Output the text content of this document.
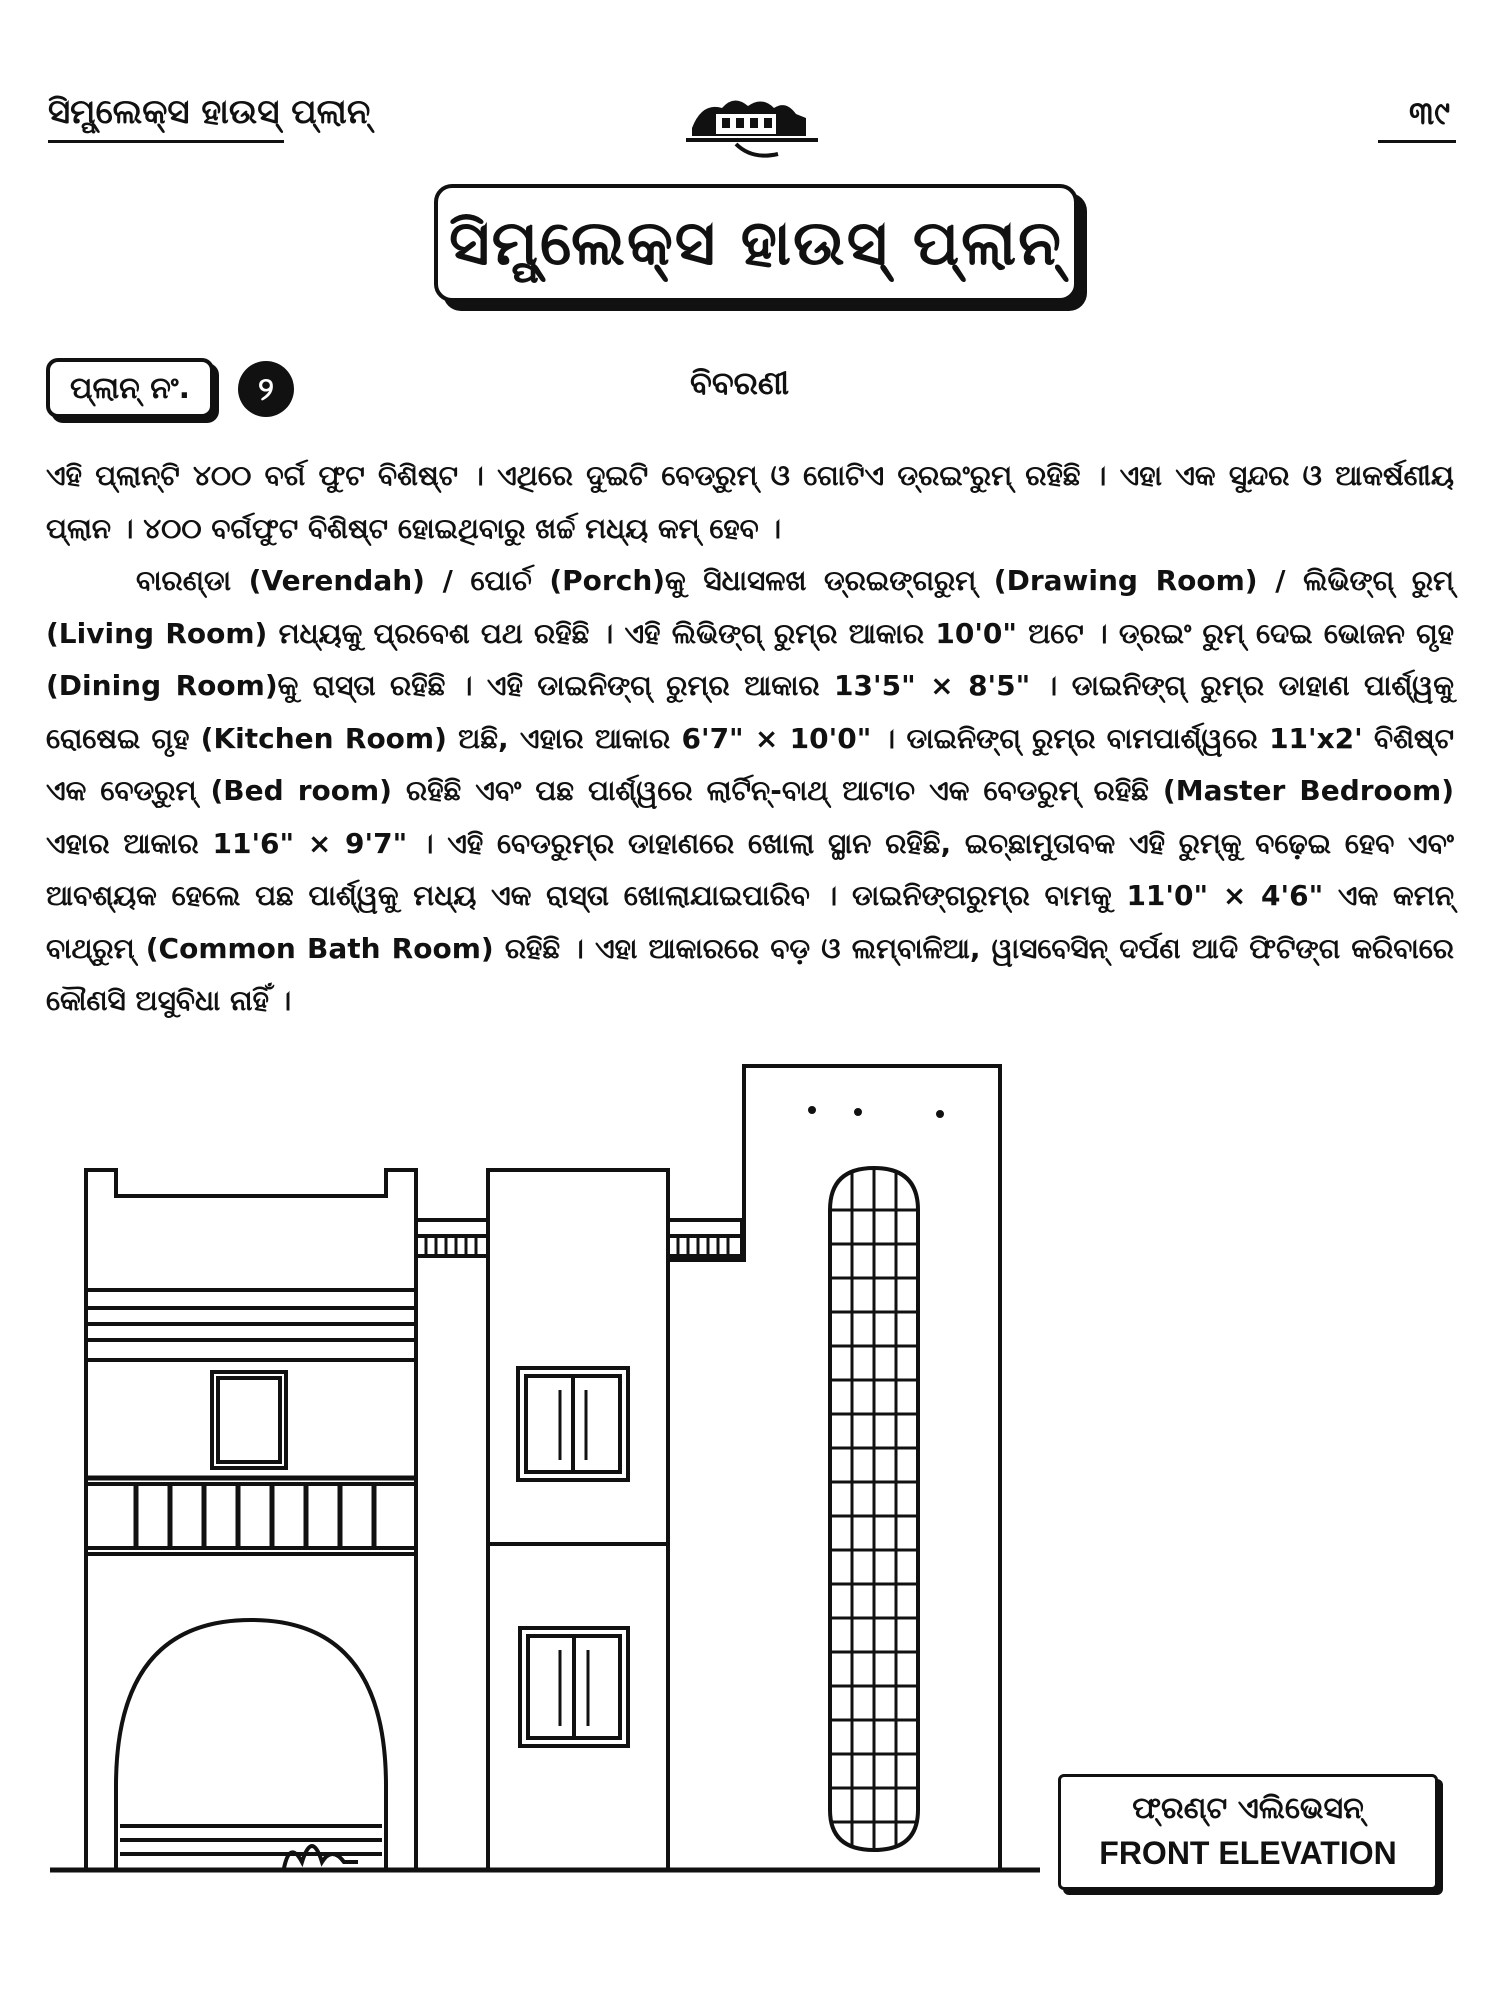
ସିମ୍ପ୍ଲେକ୍ସ ହାଉସ୍ ପ୍ଲାନ୍	୩୯
ସିମ୍ପ୍ଲେକ୍ସ ହାଉସ୍ ପ୍ଲାନ୍
ପ୍ଲାନ୍ ନଂ.	୨	ବିବରଣୀ

ଏହି ପ୍ଲାନ୍‌ଟି ୪୦୦ ବର୍ଗ ଫୁଟ ବିଶିଷ୍ଟ । ଏଥିରେ ଦୁଇଟି ବେଡ୍‌ରୁମ୍ ଓ ଗୋଟିଏ ଡ୍ରଇଂରୁମ୍ ରହିଛି । ଏହା ଏକ ସୁନ୍ଦର ଓ ଆକର୍ଷଣୀୟ ପ୍ଲାନ । ୪୦୦ ବର୍ଗଫୁଟ ବିଶିଷ୍ଟ ହୋଇଥିବାରୁ ଖର୍ଚ୍ଚ ମଧ୍ୟ କମ୍ ହେବ ।

ବାରଣ୍ଡା (Verendah) / ପୋର୍ଚ (Porch)କୁ ସିଧାସଳଖ ଡ୍ରଇଙ୍ଗରୁମ୍ (Drawing Room) / ଲିଭିଙ୍ଗ୍ ରୁମ୍ (Living Room) ମଧ୍ୟକୁ ପ୍ରବେଶ ପଥ ରହିଛି । ଏହି ଲିଭିଙ୍ଗ୍ ରୁମ୍‌ର ଆକାର 10'0" ଅଟେ । ଡ୍ରଇଂ ରୁମ୍ ଦେଇ ଭୋଜନ ଗୃହ (Dining Room)କୁ ରାସ୍ତା ରହିଛି । ଏହି ଡାଇନିଙ୍ଗ୍ ରୁମ୍‌ର ଆକାର 13'5" × 8'5" । ଡାଇନିଙ୍ଗ୍ ରୁମ୍‌ର ଡାହାଣ ପାର୍ଶ୍ୱକୁ ରୋଷେଇ ଗୃହ (Kitchen Room) ଅଛି, ଏହାର ଆକାର 6'7" × 10'0" । ଡାଇନିଙ୍ଗ୍ ରୁମ୍‌ର ବାମପାର୍ଶ୍ୱରେ 11'x2' ବିଶିଷ୍ଟ ଏକ ବେଡ୍‌ରୁମ୍ (Bed room) ରହିଛି ଏବଂ ପଛ ପାର୍ଶ୍ୱରେ ଲାର୍ଟିନ୍-ବାଥ୍ ଆଟାଚ ଏକ ବେଡରୁମ୍ ରହିଛି (Master Bedroom) ଏହାର ଆକାର 11'6" × 9'7" । ଏହି ବେଡରୁମ୍‌ର ଡାହାଣରେ ଖୋଲା ସ୍ଥାନ ରହିଛି, ଇଚ୍ଛାମୁତାବକ ଏହି ରୁମ୍‌କୁ ବଢ଼େଇ ହେବ ଏବଂ ଆବଶ୍ୟକ ହେଲେ ପଛ ପାର୍ଶ୍ୱକୁ ମଧ୍ୟ ଏକ ରାସ୍ତା ଖୋଲାଯାଇପାରିବ । ଡାଇନିଙ୍ଗରୁମ୍‌ର ବାମକୁ 11'0" × 4'6" ଏକ କମନ୍ ବାଥ୍‌ରୁମ୍ (Common Bath Room) ରହିଛି । ଏହା ଆକାରରେ ବଡ଼ ଓ ଲମ୍ବାଳିଆ, ୱାସବେସିନ୍ ଦର୍ପଣ ଆଦି ଫିଟିଙ୍ଗ କରିବାରେ କୌଣସି ଅସୁବିଧା ନାହିଁ ।

ଫ୍ରଣ୍ଟ ଏଲିଭେସନ୍
FRONT ELEVATION
